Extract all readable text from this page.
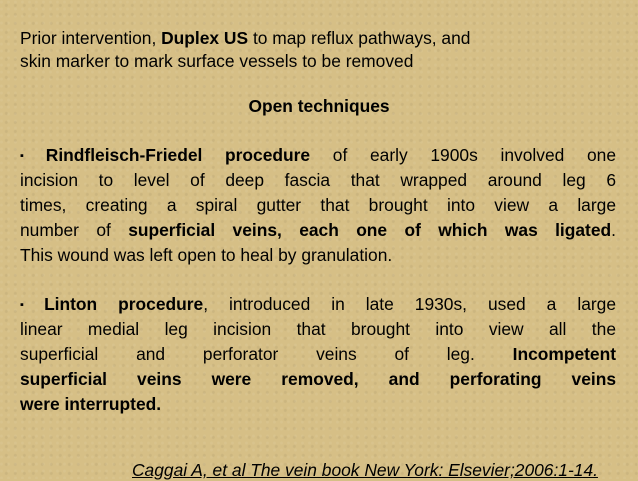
Prior intervention, Duplex US to map reflux pathways, and
skin marker to mark surface vessels to be removed
Open techniques
▪ Rindfleisch-Friedel procedure of early 1900s involved one
incision to level of deep fascia that wrapped around leg 6
times, creating a spiral gutter that brought into view a large
number of superficial veins, each one of which was ligated.
This wound was left open to heal by granulation.
▪ Linton procedure, introduced in late 1930s, used a large
linear medial leg incision that brought into view all the
superficial and perforator veins of leg. Incompetent
superficial veins were removed, and perforating veins
were interrupted.
Caggai A, et al The vein book New York: Elsevier;2006:1-14.
